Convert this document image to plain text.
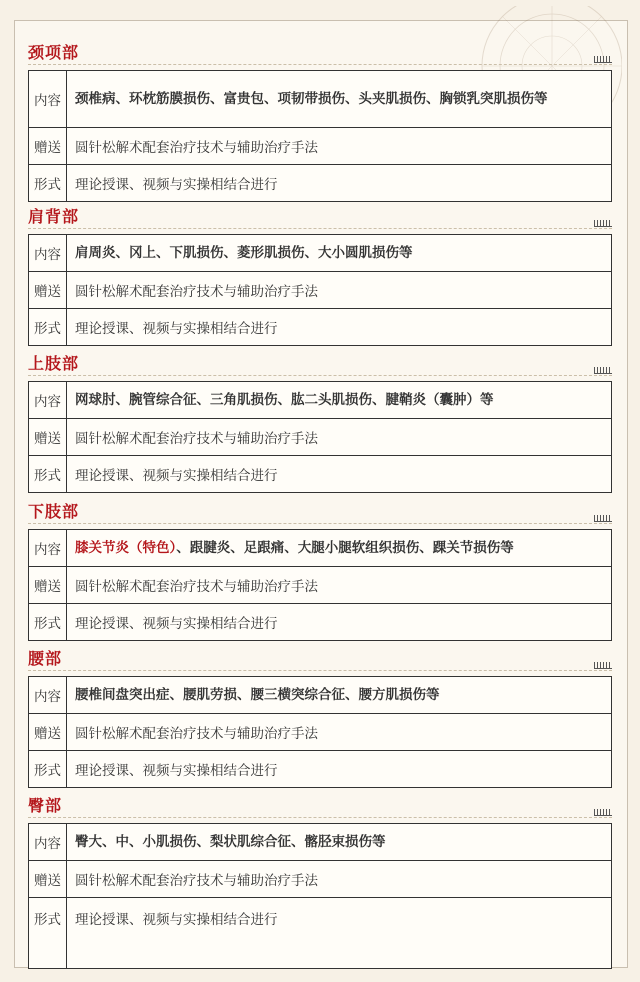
颈项部
内容	颈椎病、环枕筋膜损伤、富贵包、项韧带损伤、头夹肌损伤、胸锁乳突肌损伤等
赠送	圆针松解术配套治疗技术与辅助治疗手法
形式	理论授课、视频与实操相结合进行
肩背部
内容	肩周炎、冈上、下肌损伤、菱形肌损伤、大小圆肌损伤等
赠送	圆针松解术配套治疗技术与辅助治疗手法
形式	理论授课、视频与实操相结合进行
上肢部
内容	网球肘、腕管综合征、三角肌损伤、肱二头肌损伤、腱鞘炎（囊肿）等
赠送	圆针松解术配套治疗技术与辅助治疗手法
形式	理论授课、视频与实操相结合进行
下肢部
内容	膝关节炎（特色）、跟腱炎、足跟痛、大腿小腿软组织损伤、踝关节损伤等
赠送	圆针松解术配套治疗技术与辅助治疗手法
形式	理论授课、视频与实操相结合进行
腰部
内容	腰椎间盘突出症、腰肌劳损、腰三横突综合征、腰方肌损伤等
赠送	圆针松解术配套治疗技术与辅助治疗手法
形式	理论授课、视频与实操相结合进行
臀部
内容	臀大、中、小肌损伤、梨状肌综合征、髂胫束损伤等
赠送	圆针松解术配套治疗技术与辅助治疗手法
形式	理论授课、视频与实操相结合进行
